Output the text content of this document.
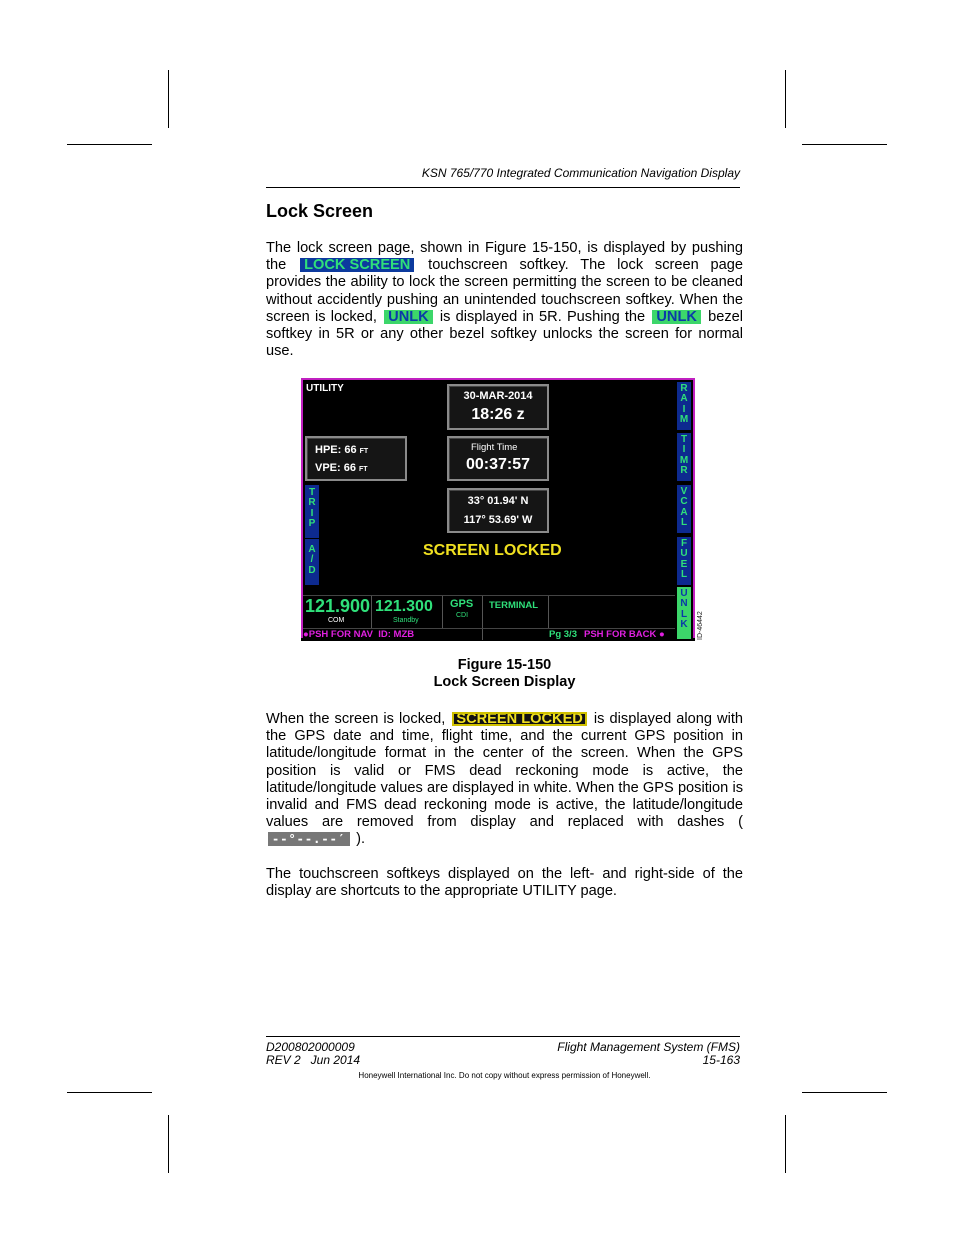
KSN 765/770 Integrated Communication Navigation Display
Lock Screen
The lock screen page, shown in Figure 15-150, is displayed by pushing the LOCK SCREEN touchscreen softkey. The lock screen page provides the ability to lock the screen permitting the screen to be cleaned without accidently pushing an unintended touchscreen softkey. When the screen is locked, UNLK is displayed in 5R. Pushing the UNLK bezel softkey in 5R or any other bezel softkey unlocks the screen for normal use.
UTILITY
30-MAR-2014
18:26 z
HPE: 66 FT
VPE: 66 FT
Flight Time
00:37:57
33° 01.94' N
117° 53.69' W
SCREEN LOCKED
T
R
I
P
A
/
D
R
A
I
M
T
I
M
R
V
C
A
L
F
U
E
L
U
N
L
K
121.900
COM
121.300
Standby
GPS
CDI
TERMINAL
●PSH FOR NAV ID: MZB	Pg 3/3 PSH FOR BACK ●	ID-46442
Figure 15-150
Lock Screen Display
When the screen is locked, SCREEN LOCKED is displayed along with the GPS date and time, flight time, and the current GPS position in latitude/longitude format in the center of the screen. When the GPS position is valid or FMS dead reckoning mode is active, the latitude/longitude values are displayed in white. When the GPS position is invalid and FMS dead reckoning mode is active, the latitude/longitude values are removed from display and replaced with dashes ( --°--.--′ ).
The touchscreen softkeys displayed on the left- and right-side of the display are shortcuts to the appropriate UTILITY page.
D200802000009
REV 2   Jun 2014
Flight Management System (FMS)
15-163
Honeywell International Inc. Do not copy without express permission of Honeywell.
